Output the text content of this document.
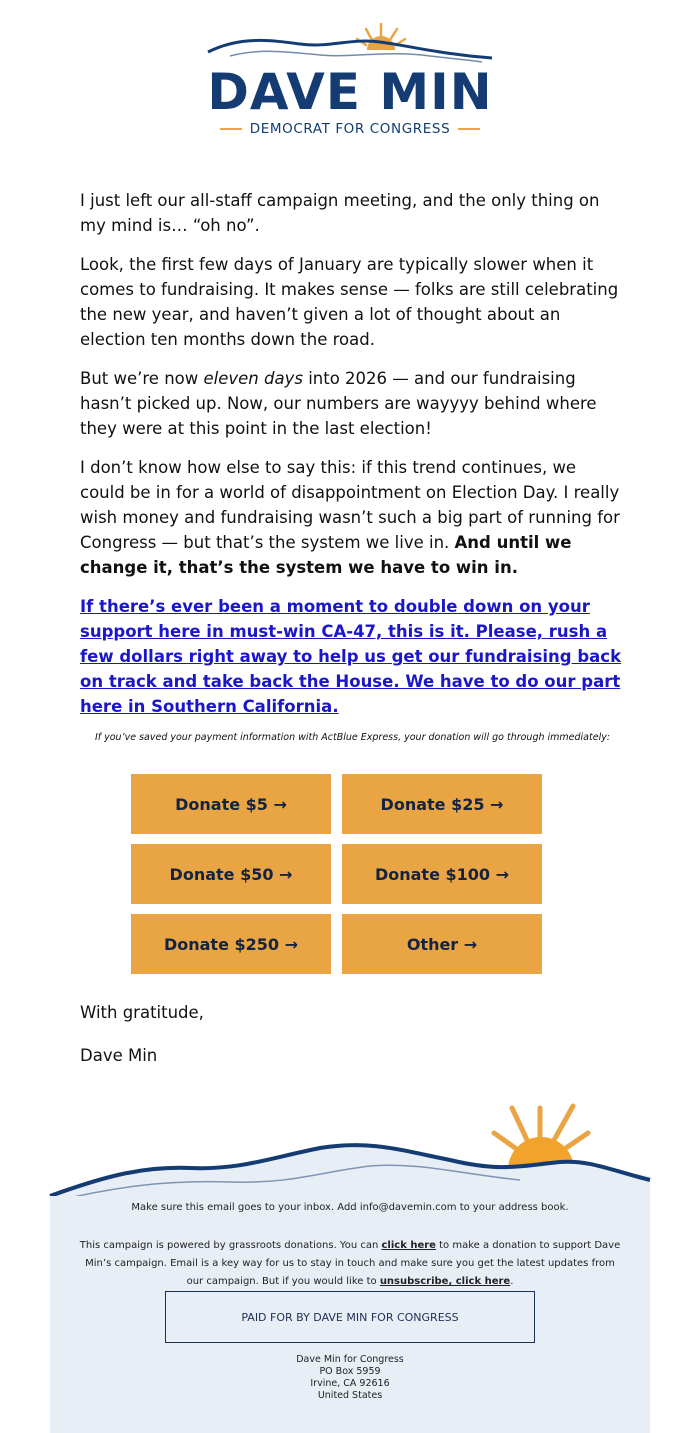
DAVE MIN
DEMOCRAT FOR CONGRESS

I just left our all-staff campaign meeting, and the only thing on my mind is… “oh no”.

Look, the first few days of January are typically slower when it comes to fundraising. It makes sense — folks are still celebrating the new year, and haven’t given a lot of thought about an election ten months down the road.

But we’re now eleven days into 2026 — and our fundraising hasn’t picked up. Now, our numbers are wayyyy behind where they were at this point in the last election!

I don’t know how else to say this: if this trend continues, we could be in for a world of disappointment on Election Day. I really wish money and fundraising wasn’t such a big part of running for Congress — but that’s the system we live in. And until we change it, that’s the system we have to win in.

If there’s ever been a moment to double down on your support here in must-win CA-47, this is it. Please, rush a few dollars right away to help us get our fundraising back on track and take back the House. We have to do our part here in Southern California.

If you’ve saved your payment information with ActBlue Express, your donation will go through immediately:
Donate $5 →	Donate $25 →
Donate $50 →	Donate $100 →
Donate $250 →	Other →

With gratitude,

Dave Min

Make sure this email goes to your inbox. Add info@davemin.com to your address book.
This campaign is powered by grassroots donations. You can click here to make a donation to support Dave Min’s campaign. Email is a key way for us to stay in touch and make sure you get the latest updates from our campaign. But if you would like to unsubscribe, click here.
PAID FOR BY DAVE MIN FOR CONGRESS
Dave Min for Congress
PO Box 5959
Irvine, CA 92616
United States
